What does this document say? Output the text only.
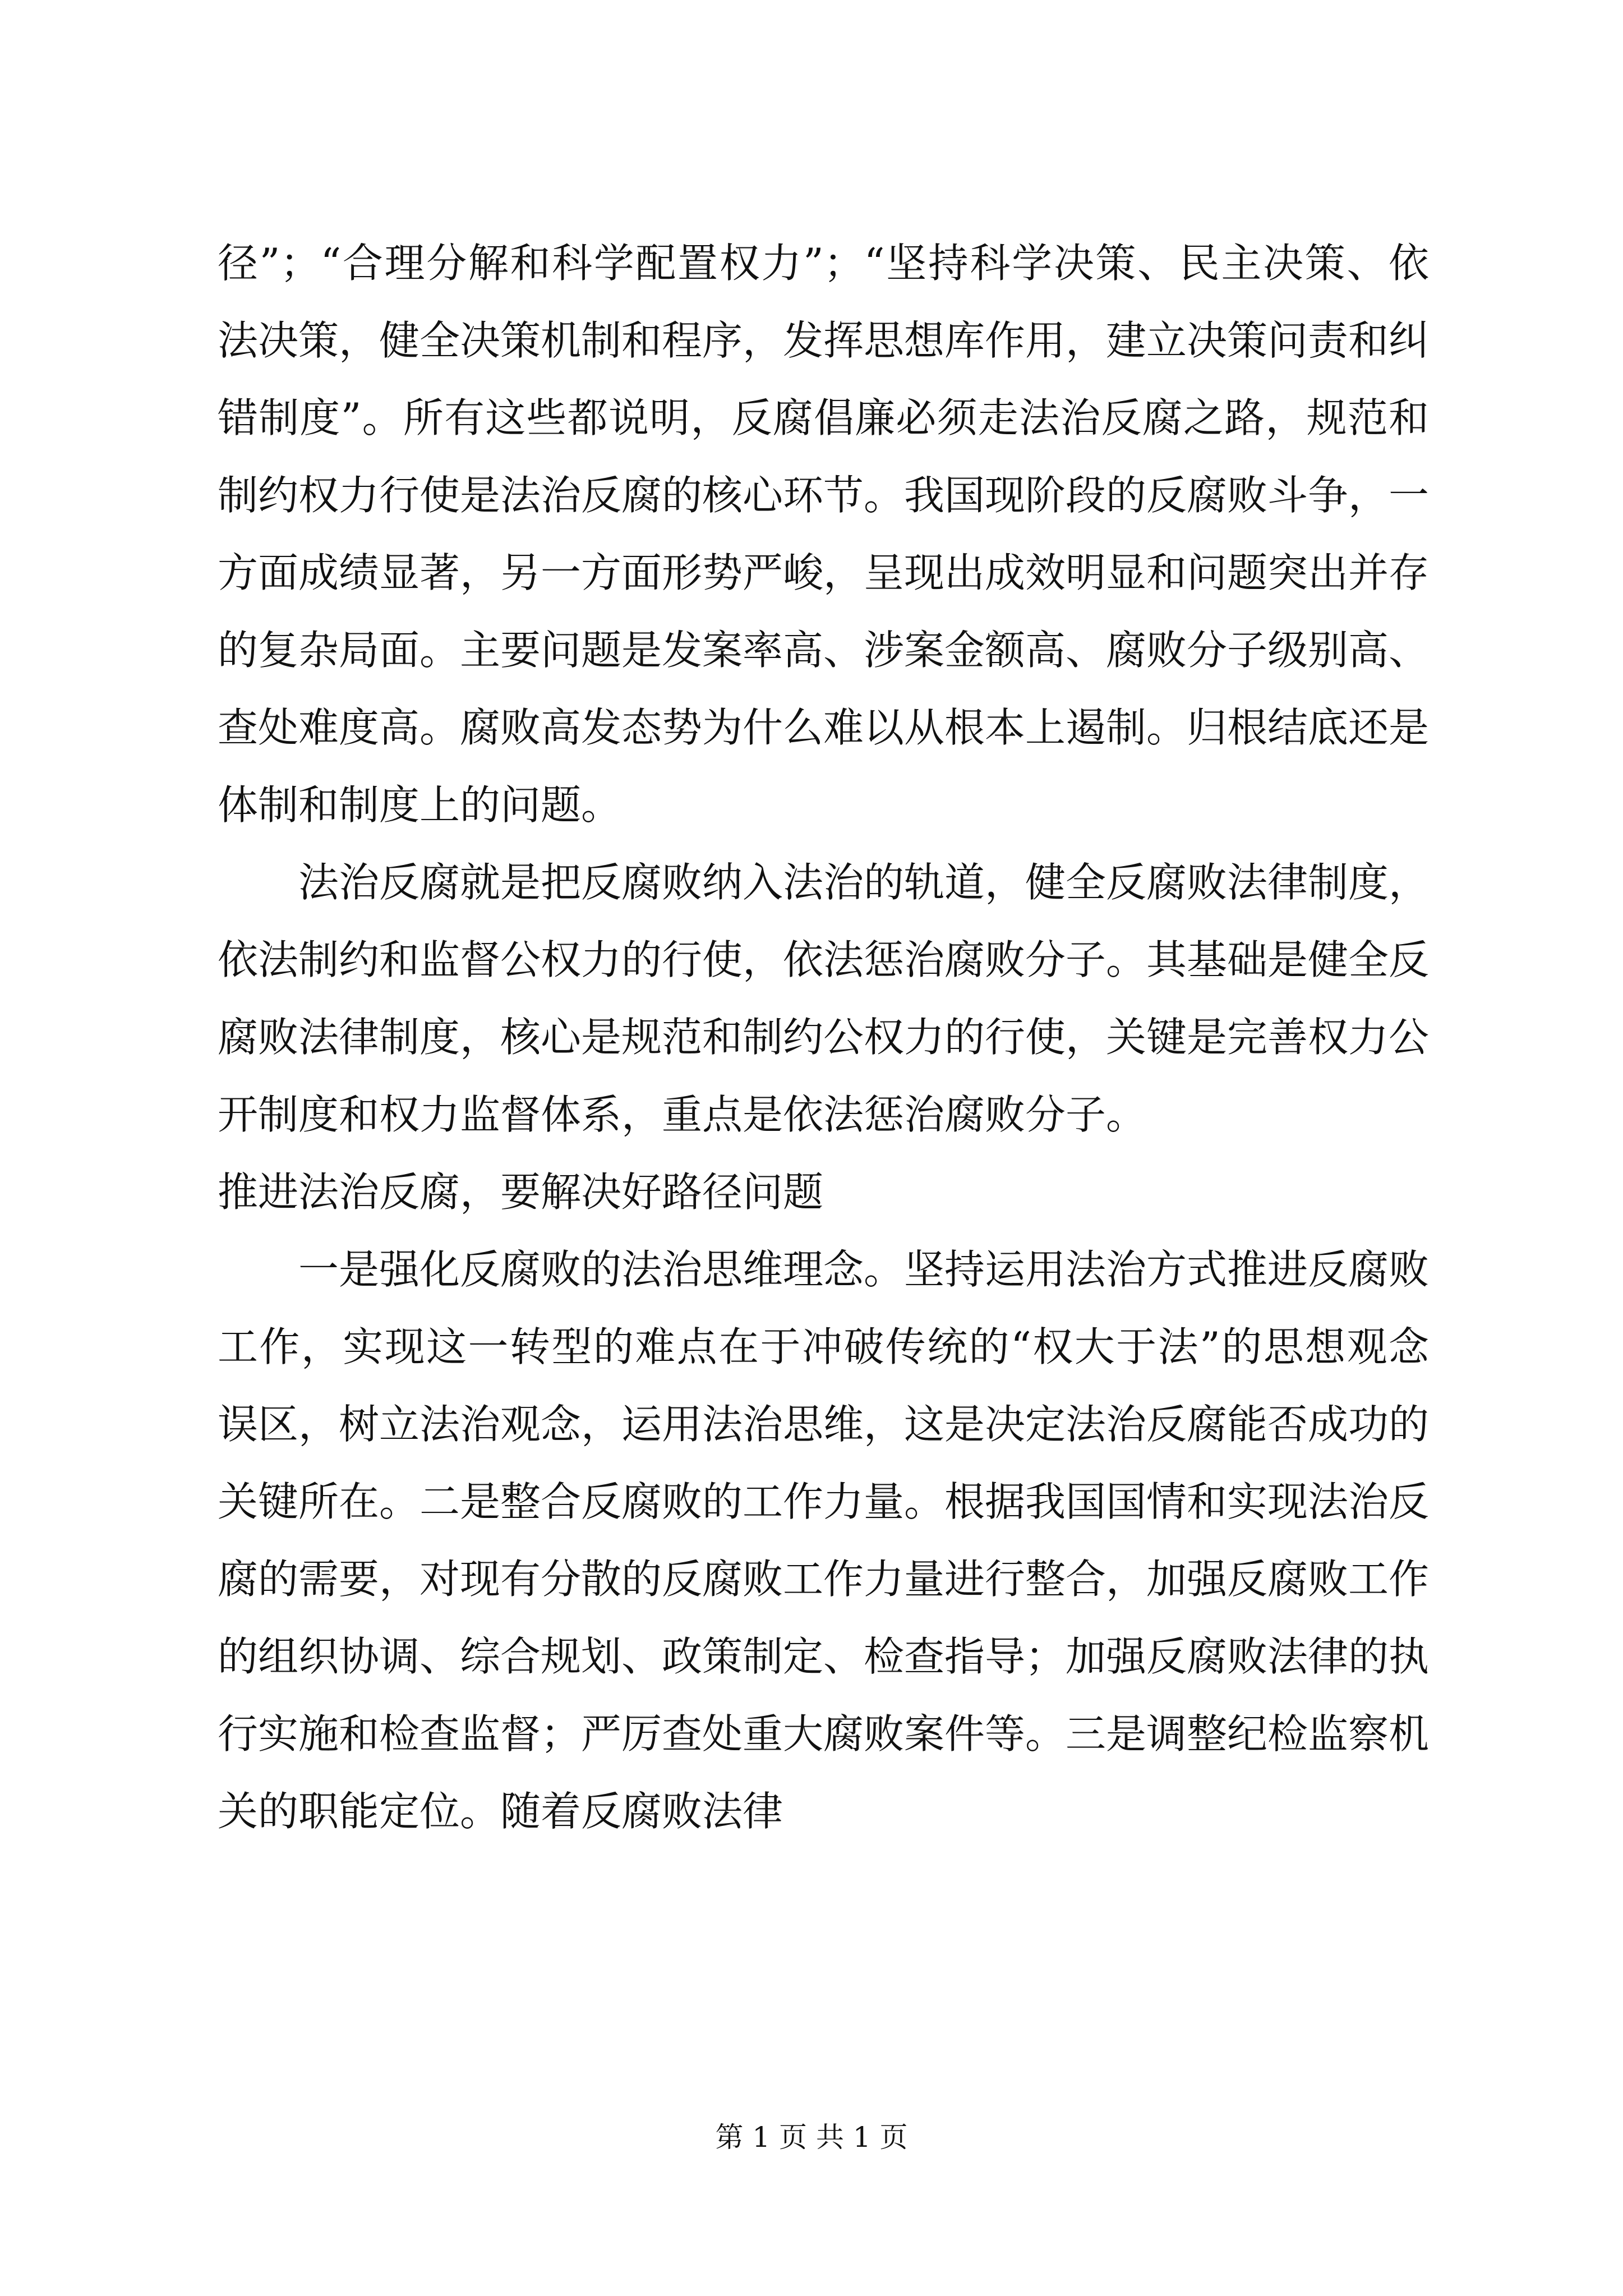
径”；“合理分解和科学配置权力”；“坚持科学决策、民主决策、依法决策，健全决策机制和程序，发挥思想库作用，建立决策问责和纠错制度”。所有这些都说明，反腐倡廉必须走法治反腐之路，规范和制约权力行使是法治反腐的核心环节。我国现阶段的反腐败斗争，一方面成绩显著，另一方面形势严峻，呈现出成效明显和问题突出并存的复杂局面。主要问题是发案率高、涉案金额高、腐败分子级别高、查处难度高。腐败高发态势为什么难以从根本上遏制。归根结底还是体制和制度上的问题。

法治反腐就是把反腐败纳入法治的轨道，健全反腐败法律制度，依法制约和监督公权力的行使，依法惩治腐败分子。其基础是健全反腐败法律制度，核心是规范和制约公权力的行使，关键是完善权力公开制度和权力监督体系，重点是依法惩治腐败分子。

推进法治反腐，要解决好路径问题

一是强化反腐败的法治思维理念。坚持运用法治方式推进反腐败工作，实现这一转型的难点在于冲破传统的“权大于法”的思想观念误区，树立法治观念，运用法治思维，这是决定法治反腐能否成功的关键所在。二是整合反腐败的工作力量。根据我国国情和实现法治反腐的需要，对现有分散的反腐败工作力量进行整合，加强反腐败工作的组织协调、综合规划、政策制定、检查指导；加强反腐败法律的执行实施和检查监督；严厉查处重大腐败案件等。三是调整纪检监察机关的职能定位。随着反腐败法律

第 1 页 共 1 页
